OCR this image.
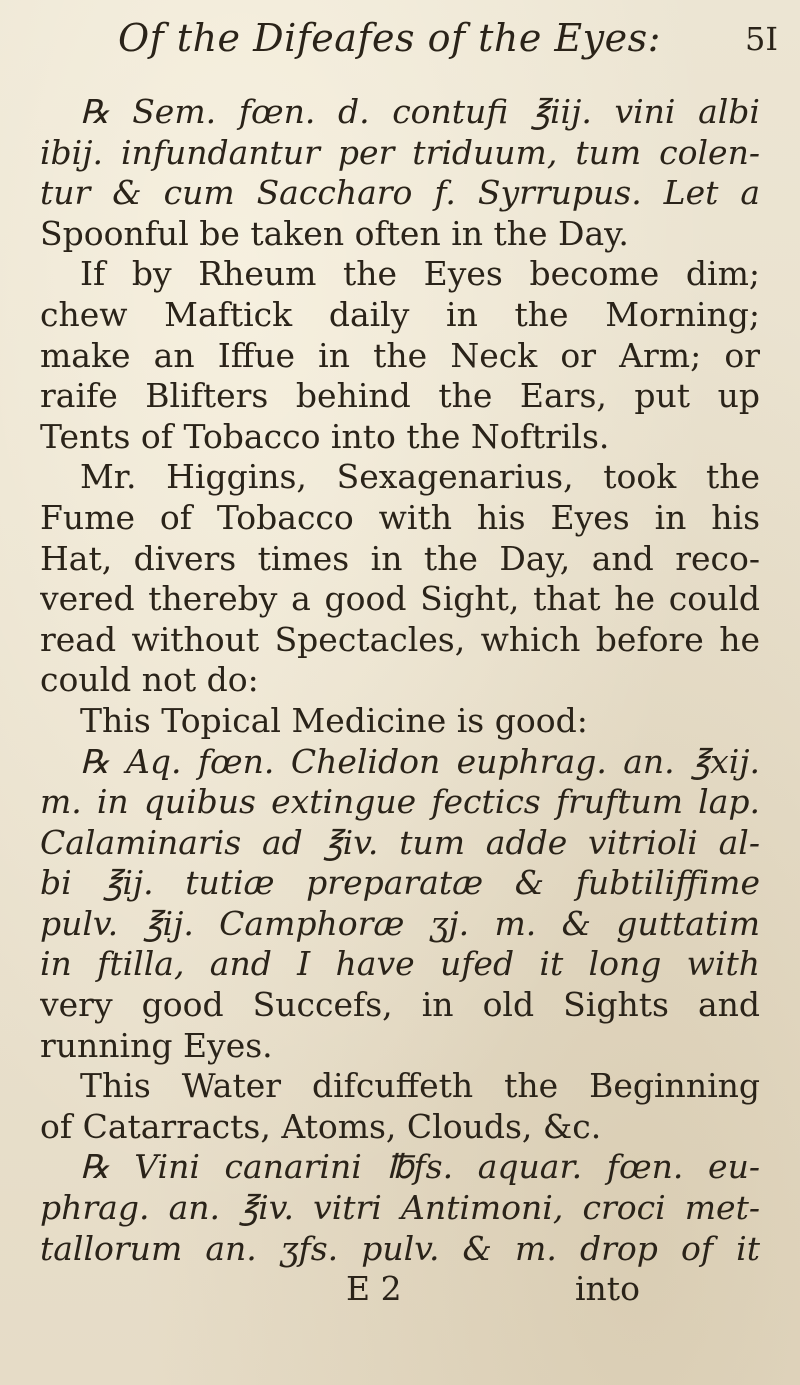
Of the Difeafes of the Eyes:	5I
℞ Sem. fœn. d. contufi ℥iij. vini albi
ibij. infundantur per triduum, tum colen-
tur & cum Saccharo f. Syrrupus. Let a
Spoonful be taken often in the Day.
If by Rheum the Eyes become dim;
chew Maftick daily in the Morning;
make an Iffue in the Neck or Arm; or
raife Blifters behind the Ears, put up
Tents of Tobacco into the Noftrils.
Mr. Higgins, Sexagenarius, took the
Fume of Tobacco with his Eyes in his
Hat, divers times in the Day, and reco-
vered thereby a good Sight, that he could
read without Spectacles, which before he
could not do:
This Topical Medicine is good:
℞ Aq. fœn. Chelidon euphrag. an. ℥xij.
m. in quibus extingue fectics fruftum lap.
Calaminaris ad ℥iv. tum adde vitrioli al-
bi ℥ij. tutiæ preparatæ & fubtiliffime
pulv. ℥ij. Camphoræ ʒj. m. & guttatim
in ftilla, and I have ufed it long with
very good Succefs, in old Sights and
running Eyes.
This Water difcuffeth the Beginning
of Catarracts, Atoms, Clouds, &c.
℞ Vini canarini ℔fs. aquar. fœn. eu-
phrag. an. ℥iv. vitri Antimoni, croci met-
tallorum an. ʒfs. pulv. & m. drop of it
E 2	into
